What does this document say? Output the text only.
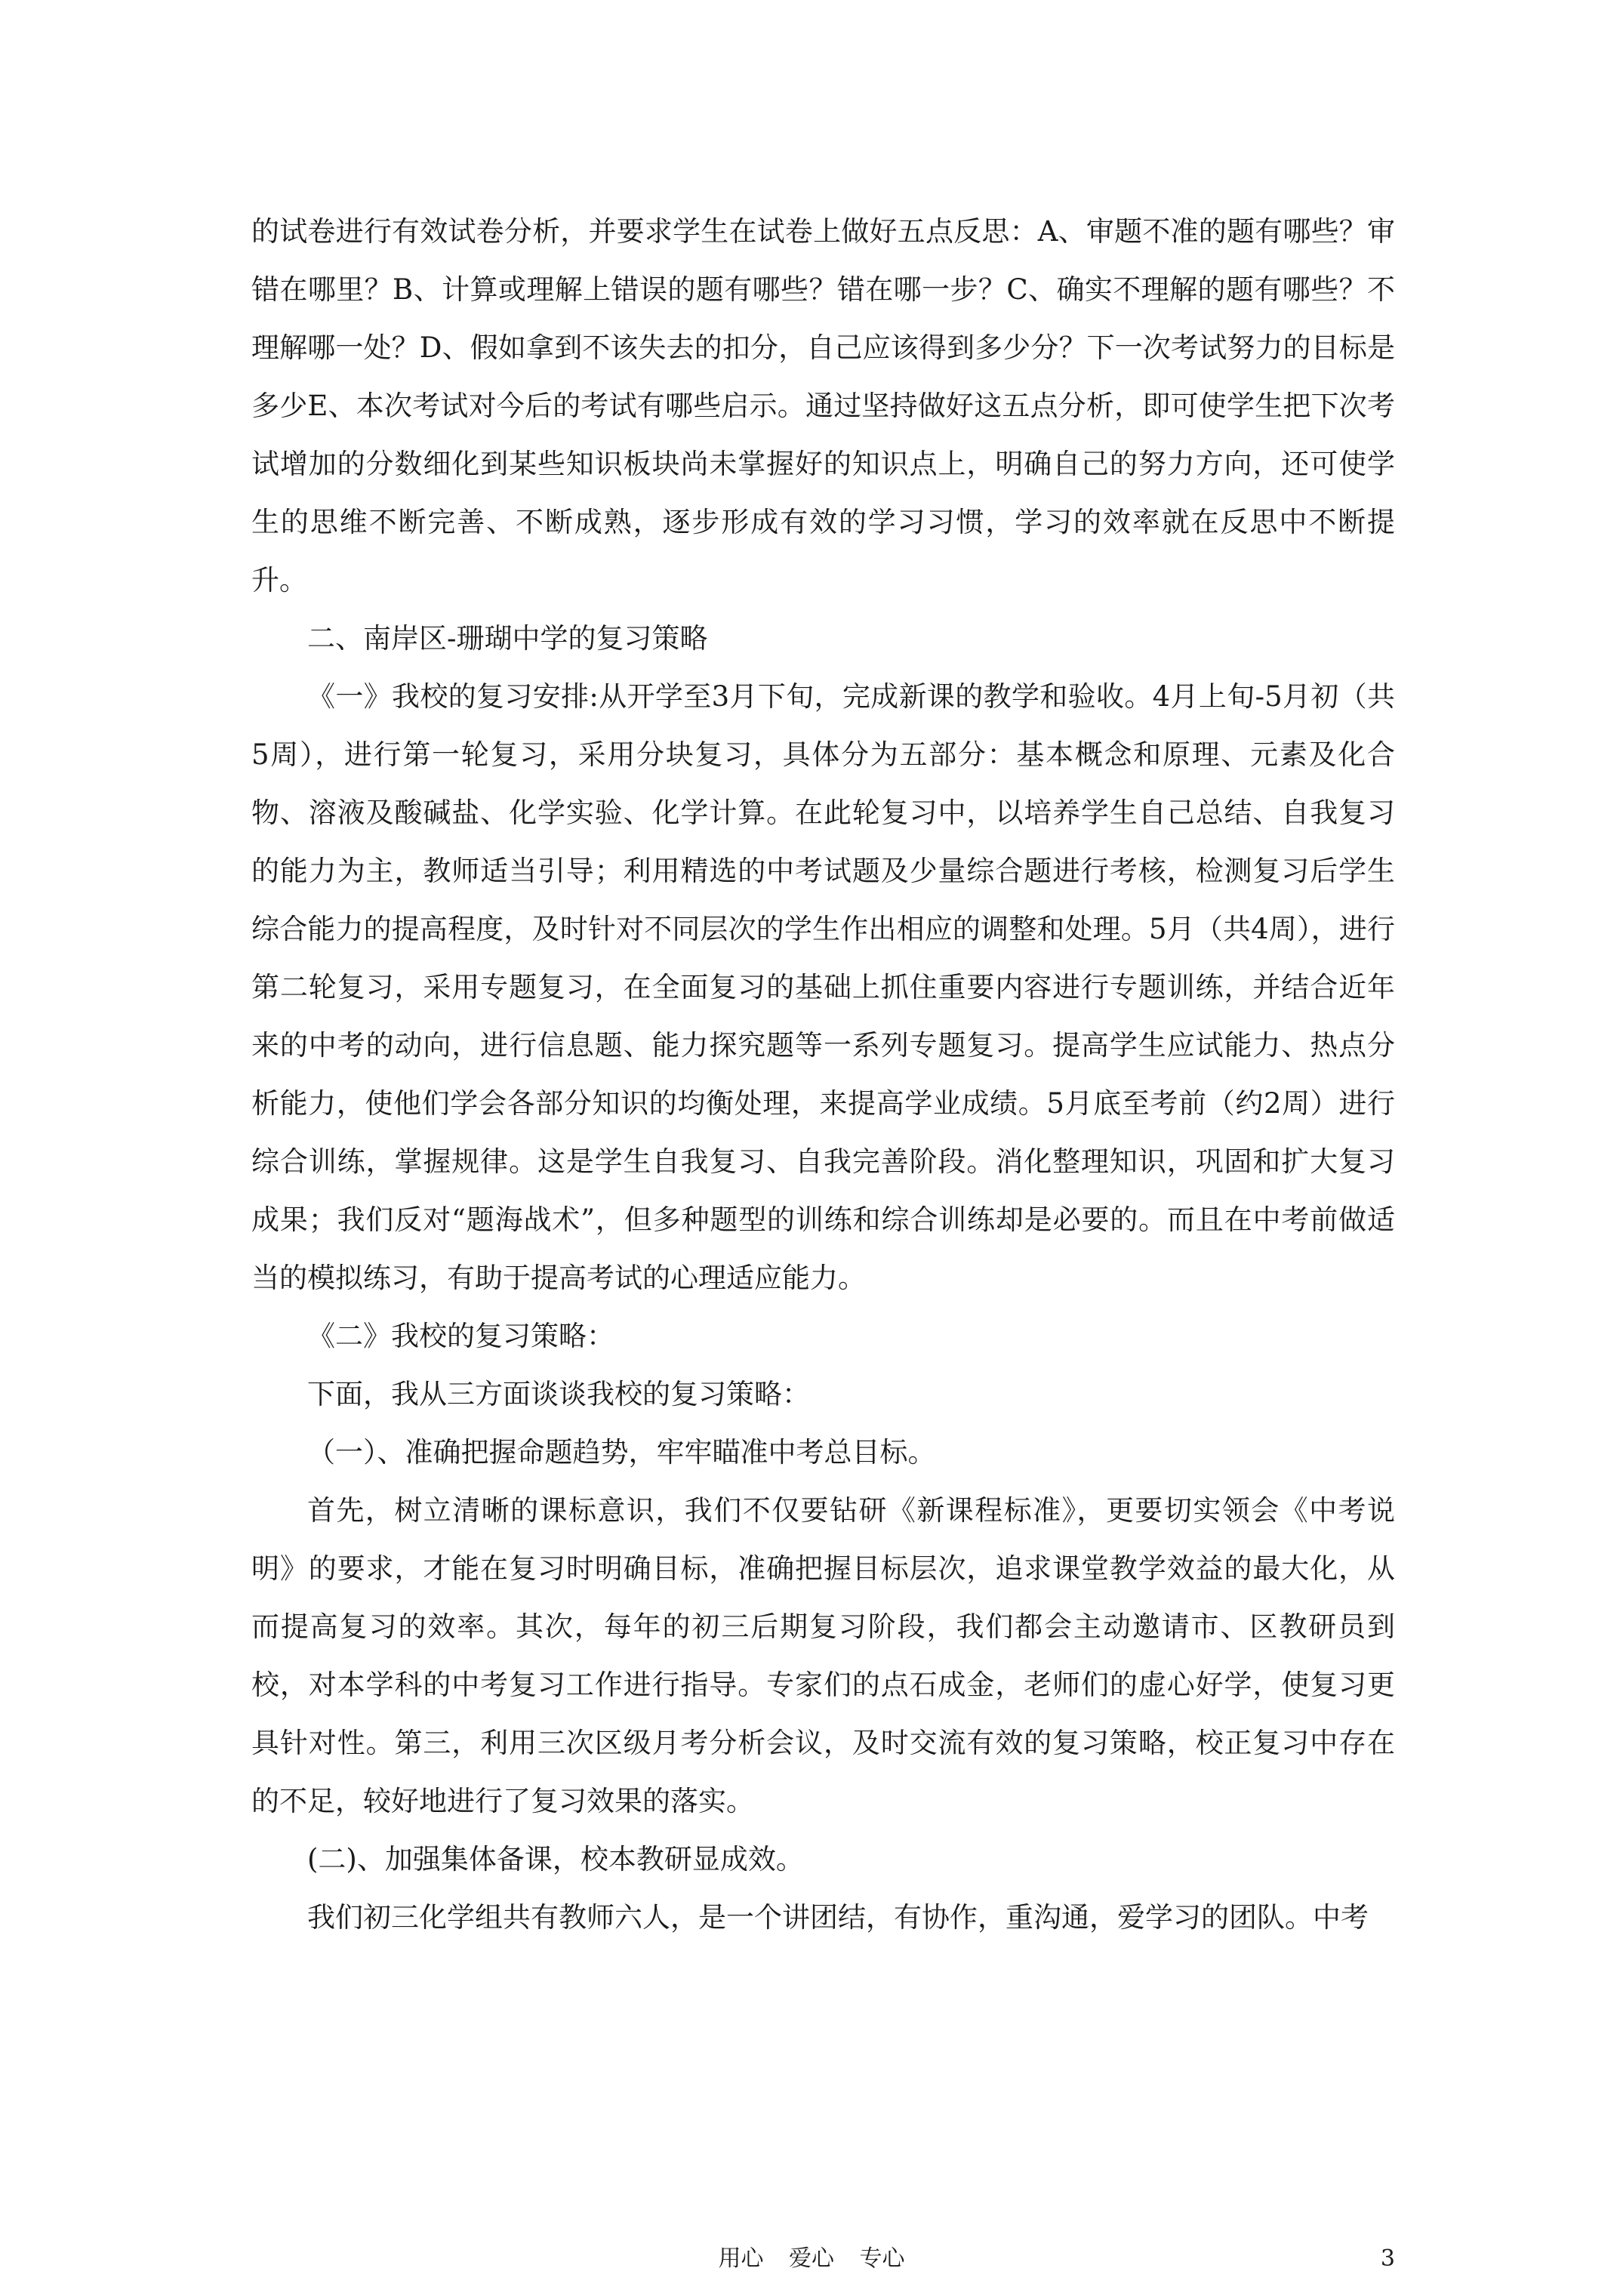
的试卷进行有效试卷分析，并要求学生在试卷上做好五点反思：A、审题不准的题有哪些？审错在哪里？B、计算或理解上错误的题有哪些？错在哪一步？C、确实不理解的题有哪些？不理解哪一处？D、假如拿到不该失去的扣分，自己应该得到多少分？下一次考试努力的目标是多少E、本次考试对今后的考试有哪些启示。通过坚持做好这五点分析，即可使学生把下次考试增加的分数细化到某些知识板块尚未掌握好的知识点上，明确自己的努力方向，还可使学生的思维不断完善、不断成熟，逐步形成有效的学习习惯，学习的效率就在反思中不断提升。

二、南岸区-珊瑚中学的复习策略

《一》我校的复习安排:从开学至3月下旬，完成新课的教学和验收。4月上旬-5月初（共5周），进行第一轮复习，采用分块复习，具体分为五部分：基本概念和原理、元素及化合物、溶液及酸碱盐、化学实验、化学计算。在此轮复习中，以培养学生自己总结、自我复习的能力为主，教师适当引导；利用精选的中考试题及少量综合题进行考核，检测复习后学生综合能力的提高程度，及时针对不同层次的学生作出相应的调整和处理。5月（共4周），进行第二轮复习，采用专题复习，在全面复习的基础上抓住重要内容进行专题训练，并结合近年来的中考的动向，进行信息题、能力探究题等一系列专题复习。提高学生应试能力、热点分析能力，使他们学会各部分知识的均衡处理，来提高学业成绩。5月底至考前（约2周）进行综合训练，掌握规律。这是学生自我复习、自我完善阶段。消化整理知识，巩固和扩大复习成果；我们反对“题海战术”，但多种题型的训练和综合训练却是必要的。而且在中考前做适当的模拟练习，有助于提高考试的心理适应能力。

《二》我校的复习策略：

下面，我从三方面谈谈我校的复习策略：

（一）、准确把握命题趋势，牢牢瞄准中考总目标。

首先，树立清晰的课标意识，我们不仅要钻研《新课程标准》，更要切实领会《中考说明》的要求，才能在复习时明确目标，准确把握目标层次，追求课堂教学效益的最大化，从而提高复习的效率。其次，每年的初三后期复习阶段，我们都会主动邀请市、区教研员到校，对本学科的中考复习工作进行指导。专家们的点石成金，老师们的虚心好学，使复习更具针对性。第三，利用三次区级月考分析会议，及时交流有效的复习策略，校正复习中存在的不足，较好地进行了复习效果的落实。

(二)、加强集体备课，校本教研显成效。

我们初三化学组共有教师六人，是一个讲团结，有协作，重沟通，爱学习的团队。中考

用心 爱心 专心	3
